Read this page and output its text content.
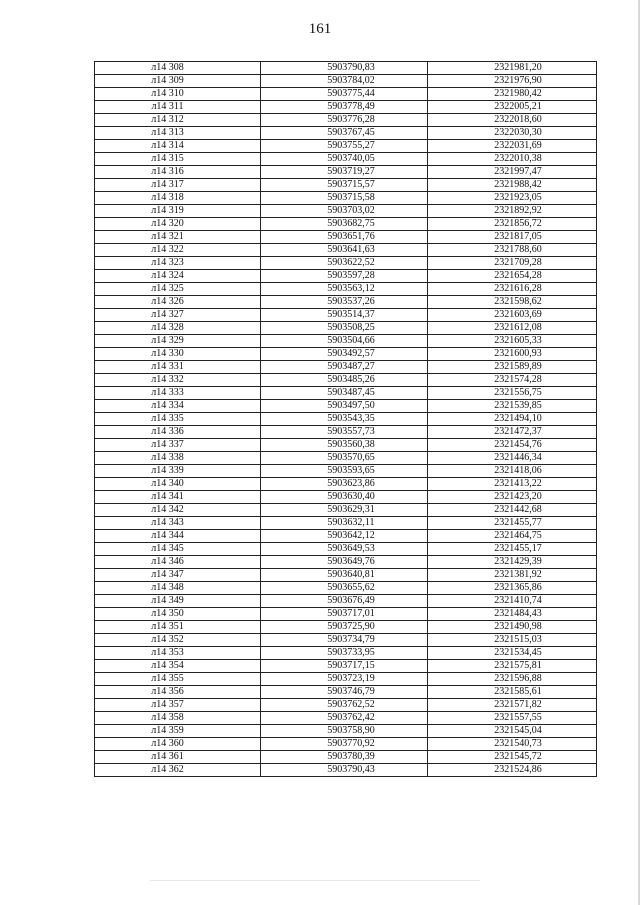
161
л14 308	5903790,83	2321981,20
л14 309	5903784,02	2321976,90
л14 310	5903775,44	2321980,42
л14 311	5903778,49	2322005,21
л14 312	5903776,28	2322018,60
л14 313	5903767,45	2322030,30
л14 314	5903755,27	2322031,69
л14 315	5903740,05	2322010,38
л14 316	5903719,27	2321997,47
л14 317	5903715,57	2321988,42
л14 318	5903715,58	2321923,05
л14 319	5903703,02	2321892,92
л14 320	5903682,75	2321856,72
л14 321	5903651,76	2321817,05
л14 322	5903641,63	2321788,60
л14 323	5903622,52	2321709,28
л14 324	5903597,28	2321654,28
л14 325	5903563,12	2321616,28
л14 326	5903537,26	2321598,62
л14 327	5903514,37	2321603,69
л14 328	5903508,25	2321612,08
л14 329	5903504,66	2321605,33
л14 330	5903492,57	2321600,93
л14 331	5903487,27	2321589,89
л14 332	5903485,26	2321574,28
л14 333	5903487,45	2321556,75
л14 334	5903497,50	2321539,85
л14 335	5903543,35	2321494,10
л14 336	5903557,73	2321472,37
л14 337	5903560,38	2321454,76
л14 338	5903570,65	2321446,34
л14 339	5903593,65	2321418,06
л14 340	5903623,86	2321413,22
л14 341	5903630,40	2321423,20
л14 342	5903629,31	2321442,68
л14 343	5903632,11	2321455,77
л14 344	5903642,12	2321464,75
л14 345	5903649,53	2321455,17
л14 346	5903649,76	2321429,39
л14 347	5903640,81	2321381,92
л14 348	5903655,62	2321365,86
л14 349	5903676,49	2321410,74
л14 350	5903717,01	2321484,43
л14 351	5903725,90	2321490,98
л14 352	5903734,79	2321515,03
л14 353	5903733,95	2321534,45
л14 354	5903717,15	2321575,81
л14 355	5903723,19	2321596,88
л14 356	5903746,79	2321585,61
л14 357	5903762,52	2321571,82
л14 358	5903762,42	2321557,55
л14 359	5903758,90	2321545,04
л14 360	5903770,92	2321540,73
л14 361	5903780,39	2321545,72
л14 362	5903790,43	2321524,86
